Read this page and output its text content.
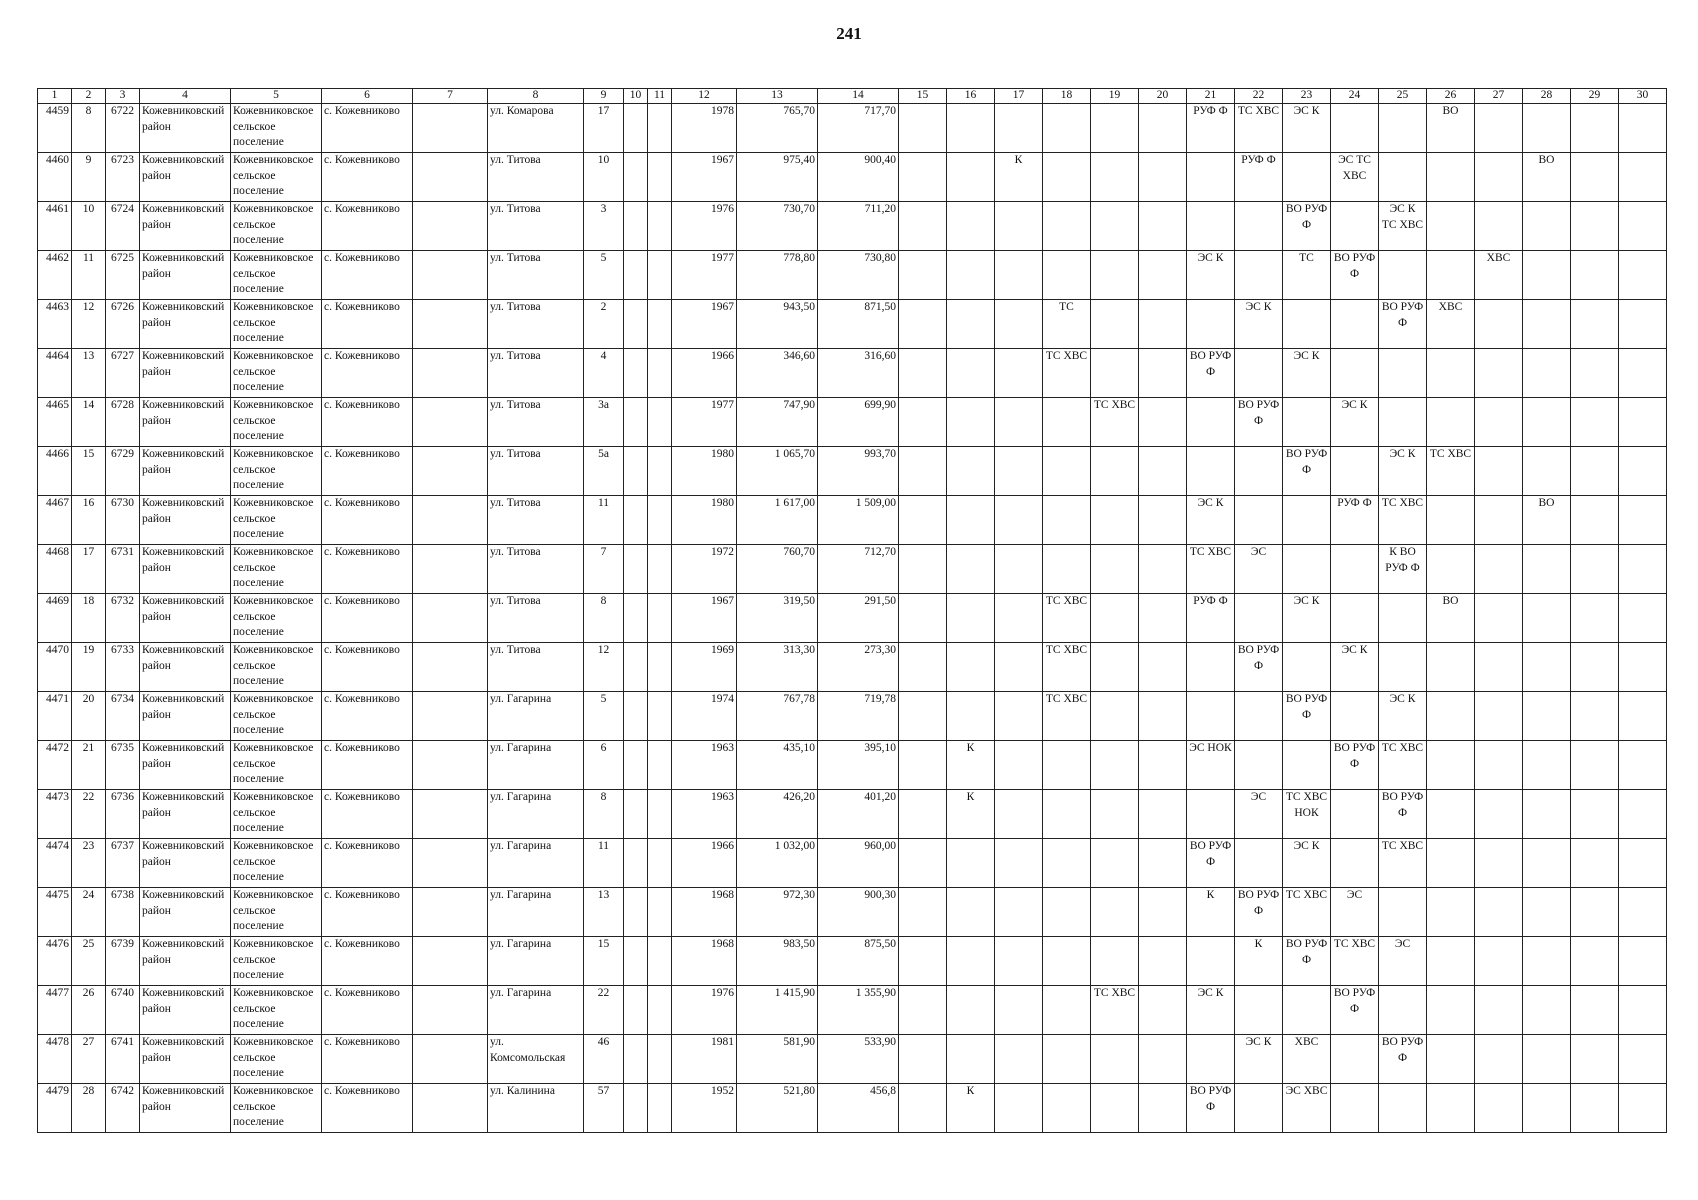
241
1	2	3	4	5	6	7	8	9	10	11	12	13	14	15	16	17	18	19	20	21	22	23	24	25	26	27	28	29	30
4459	8	6722	Кожевниковский район	Кожевниковское сельское поселение	с. Кожевниково		ул. Комарова	17			1978	765,70	717,70							РУФ Ф	ТС ХВС	ЭС К			ВО				
4460	9	6723	Кожевниковский район	Кожевниковское сельское поселение	с. Кожевниково		ул. Титова	10			1967	975,40	900,40			К					РУФ Ф		ЭС ТС ХВС				ВО		
4461	10	6724	Кожевниковский район	Кожевниковское сельское поселение	с. Кожевниково		ул. Титова	3			1976	730,70	711,20									ВО РУФ Ф		ЭС К ТС ХВС					
4462	11	6725	Кожевниковский район	Кожевниковское сельское поселение	с. Кожевниково		ул. Титова	5			1977	778,80	730,80							ЭС К		ТС	ВО РУФ Ф			ХВС			
4463	12	6726	Кожевниковский район	Кожевниковское сельское поселение	с. Кожевниково		ул. Титова	2			1967	943,50	871,50				ТС				ЭС К			ВО РУФ Ф	ХВС				
4464	13	6727	Кожевниковский район	Кожевниковское сельское поселение	с. Кожевниково		ул. Титова	4			1966	346,60	316,60				ТС ХВС			ВО РУФ Ф		ЭС К							
4465	14	6728	Кожевниковский район	Кожевниковское сельское поселение	с. Кожевниково		ул. Титова	3а			1977	747,90	699,90					ТС ХВС			ВО РУФ Ф		ЭС К						
4466	15	6729	Кожевниковский район	Кожевниковское сельское поселение	с. Кожевниково		ул. Титова	5а			1980	1 065,70	993,70									ВО РУФ Ф		ЭС К	ТС ХВС				
4467	16	6730	Кожевниковский район	Кожевниковское сельское поселение	с. Кожевниково		ул. Титова	11			1980	1 617,00	1 509,00							ЭС К			РУФ Ф	ТС ХВС			ВО		
4468	17	6731	Кожевниковский район	Кожевниковское сельское поселение	с. Кожевниково		ул. Титова	7			1972	760,70	712,70							ТС ХВС	ЭС			К ВО РУФ Ф					
4469	18	6732	Кожевниковский район	Кожевниковское сельское поселение	с. Кожевниково		ул. Титова	8			1967	319,50	291,50				ТС ХВС			РУФ Ф		ЭС К			ВО				
4470	19	6733	Кожевниковский район	Кожевниковское сельское поселение	с. Кожевниково		ул. Титова	12			1969	313,30	273,30				ТС ХВС				ВО РУФ Ф		ЭС К						
4471	20	6734	Кожевниковский район	Кожевниковское сельское поселение	с. Кожевниково		ул. Гагарина	5			1974	767,78	719,78				ТС ХВС					ВО РУФ Ф		ЭС К					
4472	21	6735	Кожевниковский район	Кожевниковское сельское поселение	с. Кожевниково		ул. Гагарина	6			1963	435,10	395,10		К					ЭС НОК			ВО РУФ Ф	ТС ХВС					
4473	22	6736	Кожевниковский район	Кожевниковское сельское поселение	с. Кожевниково		ул. Гагарина	8			1963	426,20	401,20		К						ЭС	ТС ХВС НОК		ВО РУФ Ф					
4474	23	6737	Кожевниковский район	Кожевниковское сельское поселение	с. Кожевниково		ул. Гагарина	11			1966	1 032,00	960,00							ВО РУФ Ф		ЭС К		ТС ХВС					
4475	24	6738	Кожевниковский район	Кожевниковское сельское поселение	с. Кожевниково		ул. Гагарина	13			1968	972,30	900,30							К	ВО РУФ Ф	ТС ХВС	ЭС						
4476	25	6739	Кожевниковский район	Кожевниковское сельское поселение	с. Кожевниково		ул. Гагарина	15			1968	983,50	875,50								К	ВО РУФ Ф	ТС ХВС	ЭС					
4477	26	6740	Кожевниковский район	Кожевниковское сельское поселение	с. Кожевниково		ул. Гагарина	22			1976	1 415,90	1 355,90					ТС ХВС		ЭС К			ВО РУФ Ф						
4478	27	6741	Кожевниковский район	Кожевниковское сельское поселение	с. Кожевниково		ул. Комсомольская	46			1981	581,90	533,90								ЭС К	ХВС		ВО РУФ Ф					
4479	28	6742	Кожевниковский район	Кожевниковское сельское поселение	с. Кожевниково		ул. Калинина	57			1952	521,80	456,8		К					ВО РУФ Ф		ЭС ХВС							
